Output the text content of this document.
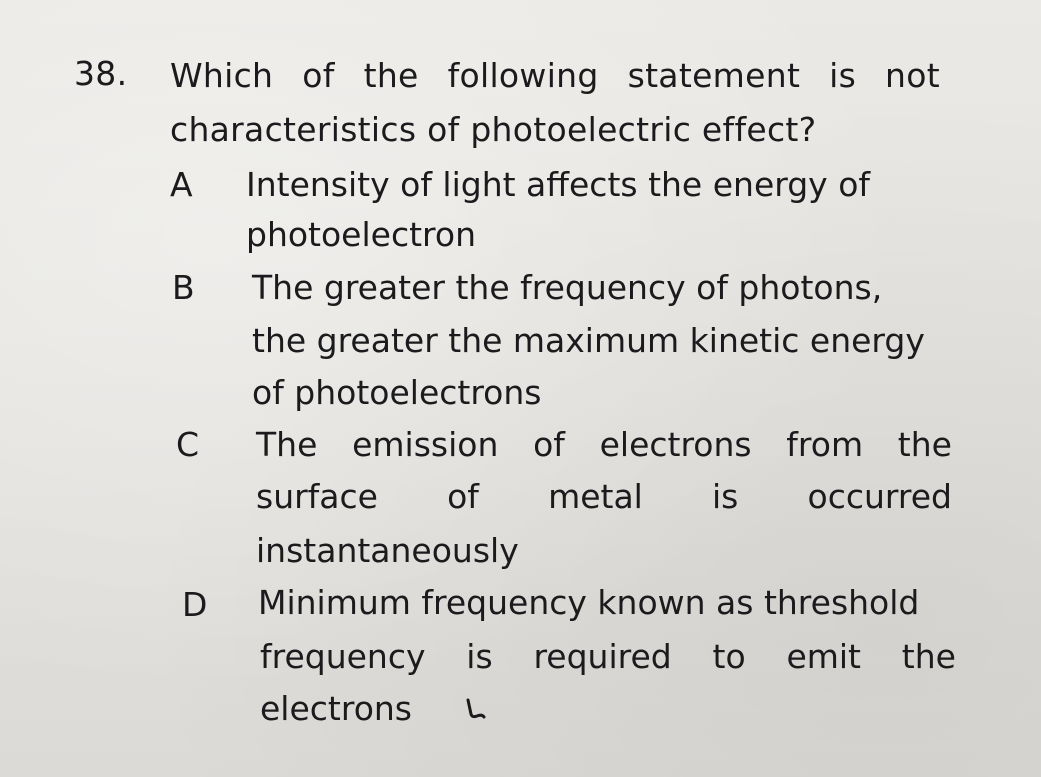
38. Which of the following statement is not
characteristics of photoelectric effect?
A Intensity of light affects the energy of
photoelectron
B The greater the frequency of photons,
the greater the maximum kinetic energy
of photoelectrons
C The emission of electrons from the
surface of metal is occurred
instantaneously
D Minimum frequency known as threshold
frequency is required to emit the
electrons
